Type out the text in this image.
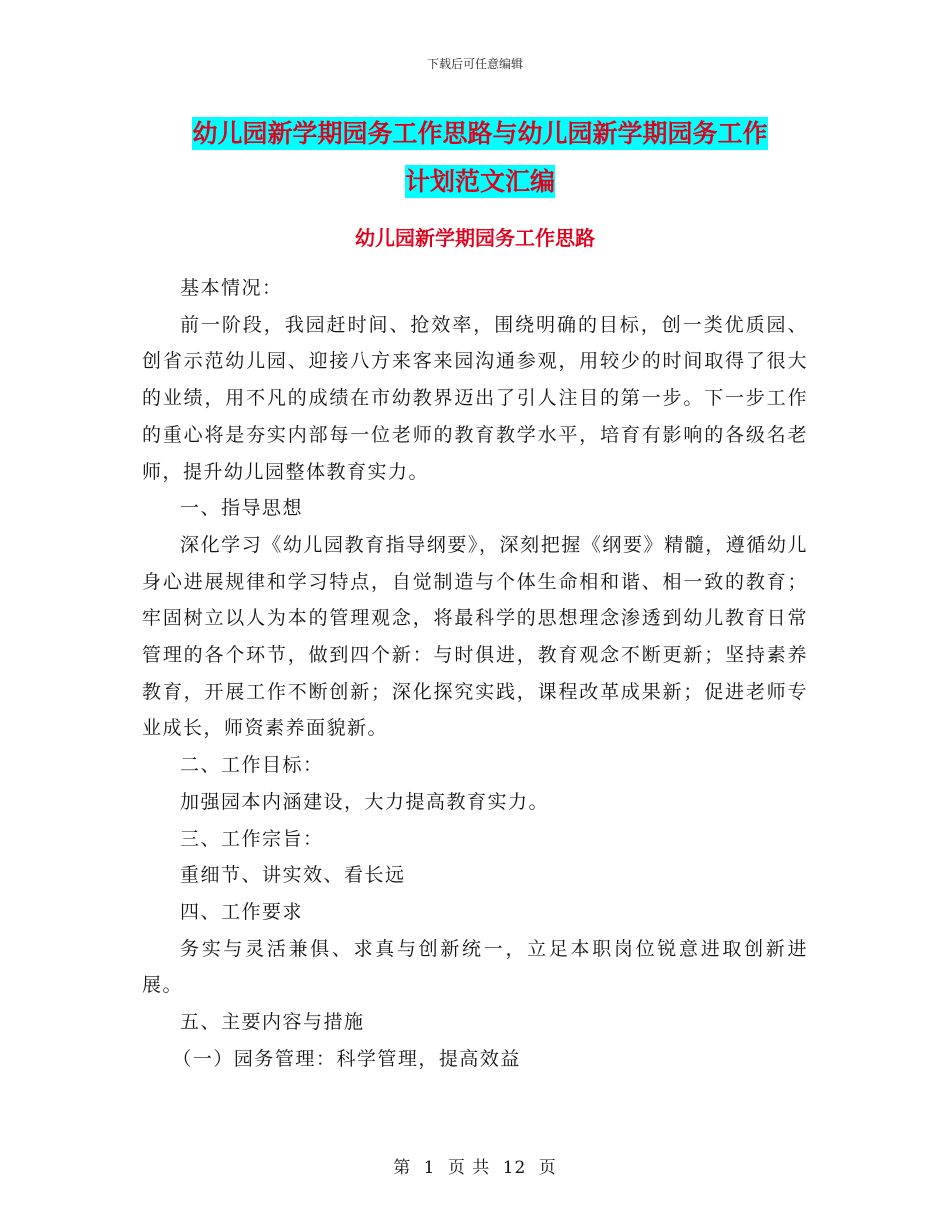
下载后可任意编辑
幼儿园新学期园务工作思路与幼儿园新学期园务工作
计划范文汇编
幼儿园新学期园务工作思路

基本情况：

前一阶段，我园赶时间、抢效率，围绕明确的目标，创一类优质园、创省示范幼儿园、迎接八方来客来园沟通参观，用较少的时间取得了很大的业绩，用不凡的成绩在市幼教界迈出了引人注目的第一步。下一步工作的重心将是夯实内部每一位老师的教育教学水平，培育有影响的各级名老师，提升幼儿园整体教育实力。

一、指导思想

深化学习《幼儿园教育指导纲要》，深刻把握《纲要》精髓，遵循幼儿身心进展规律和学习特点，自觉制造与个体生命相和谐、相一致的教育；牢固树立以人为本的管理观念，将最科学的思想理念渗透到幼儿教育日常管理的各个环节，做到四个新：与时俱进，教育观念不断更新；坚持素养教育，开展工作不断创新；深化探究实践，课程改革成果新；促进老师专业成长，师资素养面貌新。

二、工作目标：

加强园本内涵建设，大力提高教育实力。

三、工作宗旨：

重细节、讲实效、看长远

四、工作要求

务实与灵活兼俱、求真与创新统一，立足本职岗位锐意进取创新进展。

五、主要内容与措施

（一）园务管理：科学管理，提高效益

第 1 页 共 12 页
